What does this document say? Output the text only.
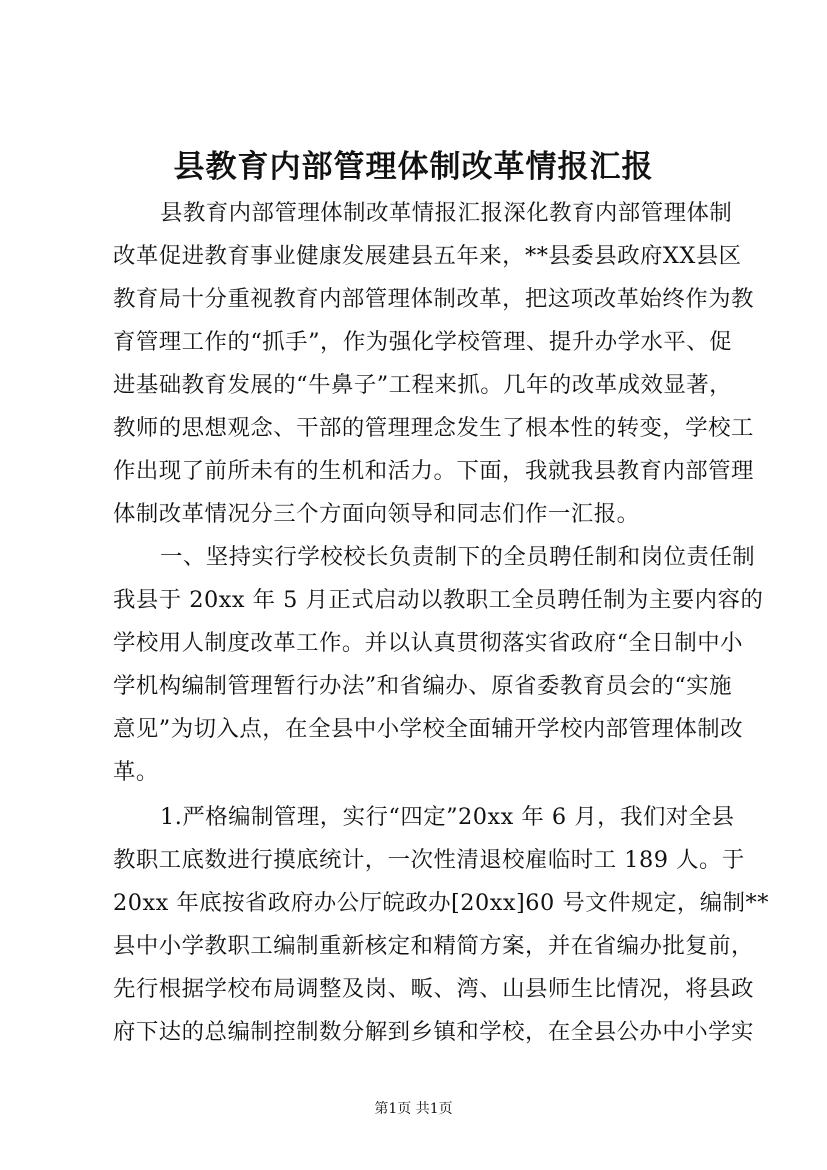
县教育内部管理体制改革情报汇报
县教育内部管理体制改革情报汇报深化教育内部管理体制
改革促进教育事业健康发展建县五年来，**县委县政府XX县区
教育局十分重视教育内部管理体制改革，把这项改革始终作为教
育管理工作的“抓手”，作为强化学校管理、提升办学水平、促
进基础教育发展的“牛鼻子”工程来抓。几年的改革成效显著，
教师的思想观念、干部的管理理念发生了根本性的转变，学校工
作出现了前所未有的生机和活力。下面，我就我县教育内部管理
体制改革情况分三个方面向领导和同志们作一汇报。
一、坚持实行学校校长负责制下的全员聘任制和岗位责任制
我县于 20xx 年 5 月正式启动以教职工全员聘任制为主要内容的
学校用人制度改革工作。并以认真贯彻落实省政府“全日制中小
学机构编制管理暂行办法”和省编办、原省委教育员会的“实施
意见”为切入点，在全县中小学校全面辅开学校内部管理体制改
革。
1.严格编制管理，实行“四定”20xx 年 6 月，我们对全县
教职工底数进行摸底统计，一次性清退校雇临时工 189 人。于
20xx 年底按省政府办公厅皖政办[20xx]60 号文件规定，编制**
县中小学教职工编制重新核定和精简方案，并在省编办批复前，
先行根据学校布局调整及岗、畈、湾、山县师生比情况，将县政
府下达的总编制控制数分解到乡镇和学校，在全县公办中小学实
第1页 共1页
